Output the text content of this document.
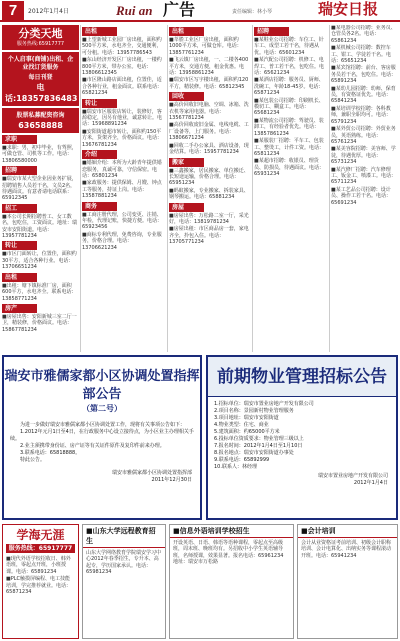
7	2012年1月4日	Rui an 广告	责任编辑：林小琴	瑞安日报
分类天地
服务热线:65917777
个人启事(商铺)出租、企业找订货服务
每日刊登
电话:18357836483
股票私募配资咨询
63658888
求职
■求职：男，初中毕业，有驾照，可做仓管、司机等工作。电话：13806580000
招聘
■瑞安市某大型企业因业务扩展，招聘销售人员若干名，文员2名，待遇面议。有意者请电话联系：65912345
招工
■本公司长期招聘普工、女工数名，包吃住，工资面议。地址：瑞安市安阳街道。电话：13957781234
转让
■市区门面转让，位置佳，面积约30平方，适合各种行业。电话：13706651234
出租
■出租：塘下镇标准厂房，面积600平方，水电齐全。联系电话：13858771234
房产
■房屋出售：安阳新城三室二厅一卫，精装修，价格面议。电话：15867781234
出租
■上望新城工业园厂房出租，面积约500平方米，水电齐全，交通便利，可分租。电话：13957786543
■东山经济开发区厂房出租，一楼约800平方米，带办公室。电话：13806612345
■市区隆山路店面出租，位置佳，适合各种行业，租金面议。联系电话：65821234
转让
■瑞安市区服装店转让，装修好，客源稳定，因另有他业，诚意转让。电话：15968891234
■安阳街道超市转让，面积约150平方米，货架齐全，价格面议。电话：13676781234
介绍
■婚姻介绍：本所为大龄青年提供婚恋服务，真诚可靠，守信保密。电话：65801234
■家政服务：提供保姆、月嫂、钟点工等服务，持证上岗。电话：13587881234
商务
■工商注册代理，公司变更、注销、年检，代理记账，快捷方便。电话：65923456
■商标专利代理，免费咨询，专业服务，价格合理。电话：13706621234
出租
■莘塍工业区厂房出租，面积约1000平方米，可做仓库。电话：13857761234
■飞云镇厂房出租，一、二楼各400平方米，交通方便，租金优惠。电话：13958861234
■瑞安市区写字楼出租，面积约120平方，精装修。电话：65812345
回收
■高价回收旧电脑、空调、冰箱、洗衣机等家用电器。电话：13567781234
■高价回收废旧金属、电线电缆、工厂设备等，上门服务。电话：13806671234
■回收二手办公家具、酒店设备，现金结算。电话：15957781234
搬家
■三鑫搬家，居民搬家、单位搬迁、长短途运输，价格合理。电话：65951234
■蚂蚁搬家，专业搬家、拆装家具、钢琴搬运。电话：65881234
房屋
■房屋出售：万松路二室一厅，采光好，电话：13819781234
■房屋出租：市区商品房一套，家电齐全，拎包入住。电话：13705771234
招聘
■某鞋业公司招聘：车位工、针车工、成型工若干名，待遇从优。电话：65601234
■某汽配公司招聘：机修工、电焊工、普工若干名，包吃住。电话：65621234
■某酒店招聘：服务员、厨师、洗碗工，年龄18-45岁。电话：65871234
■某包装公司招聘：印刷机长、模切工、糊盒工。电话：65681234
■某物流公司招聘：驾驶员、装卸工，有经验者优先。电话：13857861234
■某服装厂招聘：平车工、包装工、整烫工，计件工资。电话：65811234
■某超市招聘：收银员、理货员、防损员，待遇面议。电话：65931234
■某电器公司招聘：业务员、仓管员各2名。电话：65861234
■某机械公司招聘：数控车工、钳工、学徒若干名。电话：65651234
■某宾馆招聘：前台、客房服务员若干名，包吃住。电话：65891234
■某幼儿园招聘：幼师、保育员，有资格证优先。电话：65841234
■某培训学校招聘：各科教师，兼职全职均可。电话：65791234
■某外贸公司招聘：外贸业务员，英语熟练。电话：65761234
■某美容院招聘：美容师、学徒，待遇优厚。电话：65731234
■某汽修厂招聘：汽车修理工、钣金工、喷漆工。电话：65711234
■某工艺品公司招聘：设计员、操作工若干名。电话：65691234
瑞安市雅儒家都小区协调处置指挥部公告
（第二号）
为进一步做好瑞安市雅儒家都小区协调处置工作，现将有关事项公告如下：
1.2012年元月1日至4日，在行政服务中心设立接待点，为小区业主办理相关手续。
2.业主须携带身份证、房产证等有关证件原件及复印件前来办理。
3.联系电话：65818888。
特此公告。
瑞安市雅儒家都小区协调处置指挥部
2011年12月30日
前期物业管理招标公告
1.招标单位：瑞安市置业房地产开发有限公司
2.项目名称：景园新村物业管理服务
3.项目地址：瑞安市安阳街道
4.物业类型：住宅、商业
5.建筑面积：约65000平方米
6.投标单位资质要求：物业管理三级以上
7.报名时间：2012年1月4日至1月10日
8.报名地点：瑞安市安阳街道办事处
9.联系电话：65892999
10.联系人：林经理
瑞安市置业房地产开发有限公司
2012年1月4日
学海无涯
服务热线：65917777
■现代外语学校招收日、韩外语班，零起点开班，小班授课。电话：65891234
■PLC触摸屏编程、电工技能培训，学完推荐就业。电话：65871234
■山东大学远程教育招生
山东大学网络教育学院瑞安学习中心2012年春季招生，专升本、高起专，学历国家承认。电话：65981234
■信息外语培训学校招生
开设英语、日语、韩语等语种课程，零起点至高级班，周末班、晚班均有。另招收中小学生英语辅导班，名师授课，效果显著。报名电话：65961234 地址：瑞安市万松路
■会计培训
会计从业资格证考前培训、初级会计职称培训、会计电算化、出纳实务等课程滚动开班。电话：65941234
